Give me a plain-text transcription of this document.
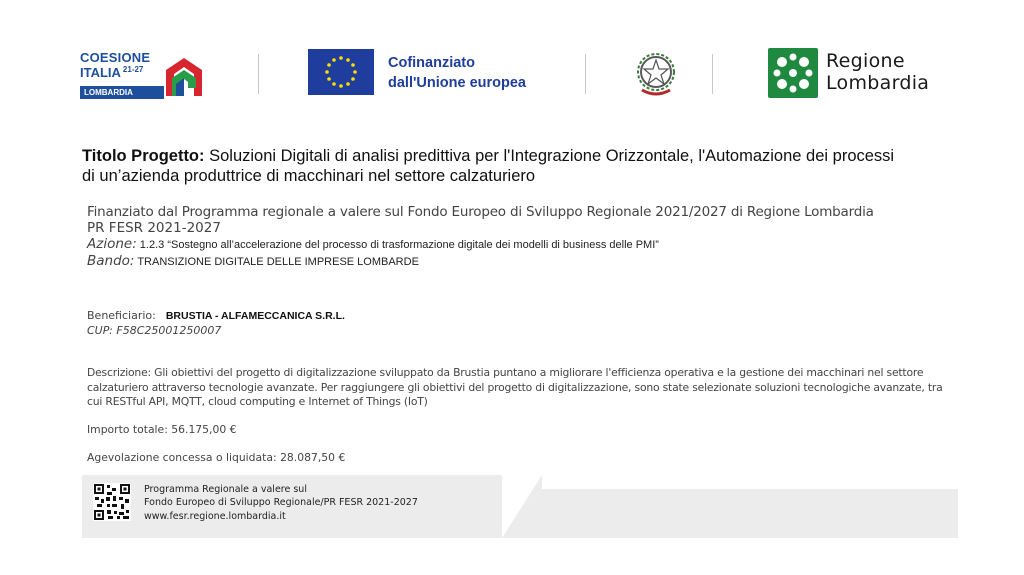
COESIONE
ITALIA $^{21-27}$
LOMBARDIA
Cofinanziato
dall'Unione europea
Regione
Lombardia
Titolo Progetto: Soluzioni Digitali di analisi predittiva per l'Integrazione Orizzontale, l'Automazione dei processi di un’azienda produttrice di macchinari nel settore calzaturiero
Finanziato dal Programma regionale a valere sul Fondo Europeo di Sviluppo Regionale 2021/2027 di Regione Lombardia
PR FESR 2021-2027
Azione: 1.2.3 “Sostegno all’accelerazione del processo di trasformazione digitale dei modelli di business delle PMI”
Bando: TRANSIZIONE DIGITALE DELLE IMPRESE LOMBARDE
Beneficiario: BRUSTIA - ALFAMECCANICA S.R.L.
CUP: F58C25001250007
Descrizione: Gli obiettivi del progetto di digitalizzazione sviluppato da Brustia puntano a migliorare l'efficienza operativa e la gestione dei macchinari nel settore calzaturiero attraverso tecnologie avanzate. Per raggiungere gli obiettivi del progetto di digitalizzazione, sono state selezionate soluzioni tecnologiche avanzate, tra cui RESTful API, MQTT, cloud computing e Internet of Things (IoT)
Importo totale: 56.175,00 €
Agevolazione concessa o liquidata: 28.087,50 €
Programma Regionale a valere sul
Fondo Europeo di Sviluppo Regionale/PR FESR 2021-2027
www.fesr.regione.lombardia.it
